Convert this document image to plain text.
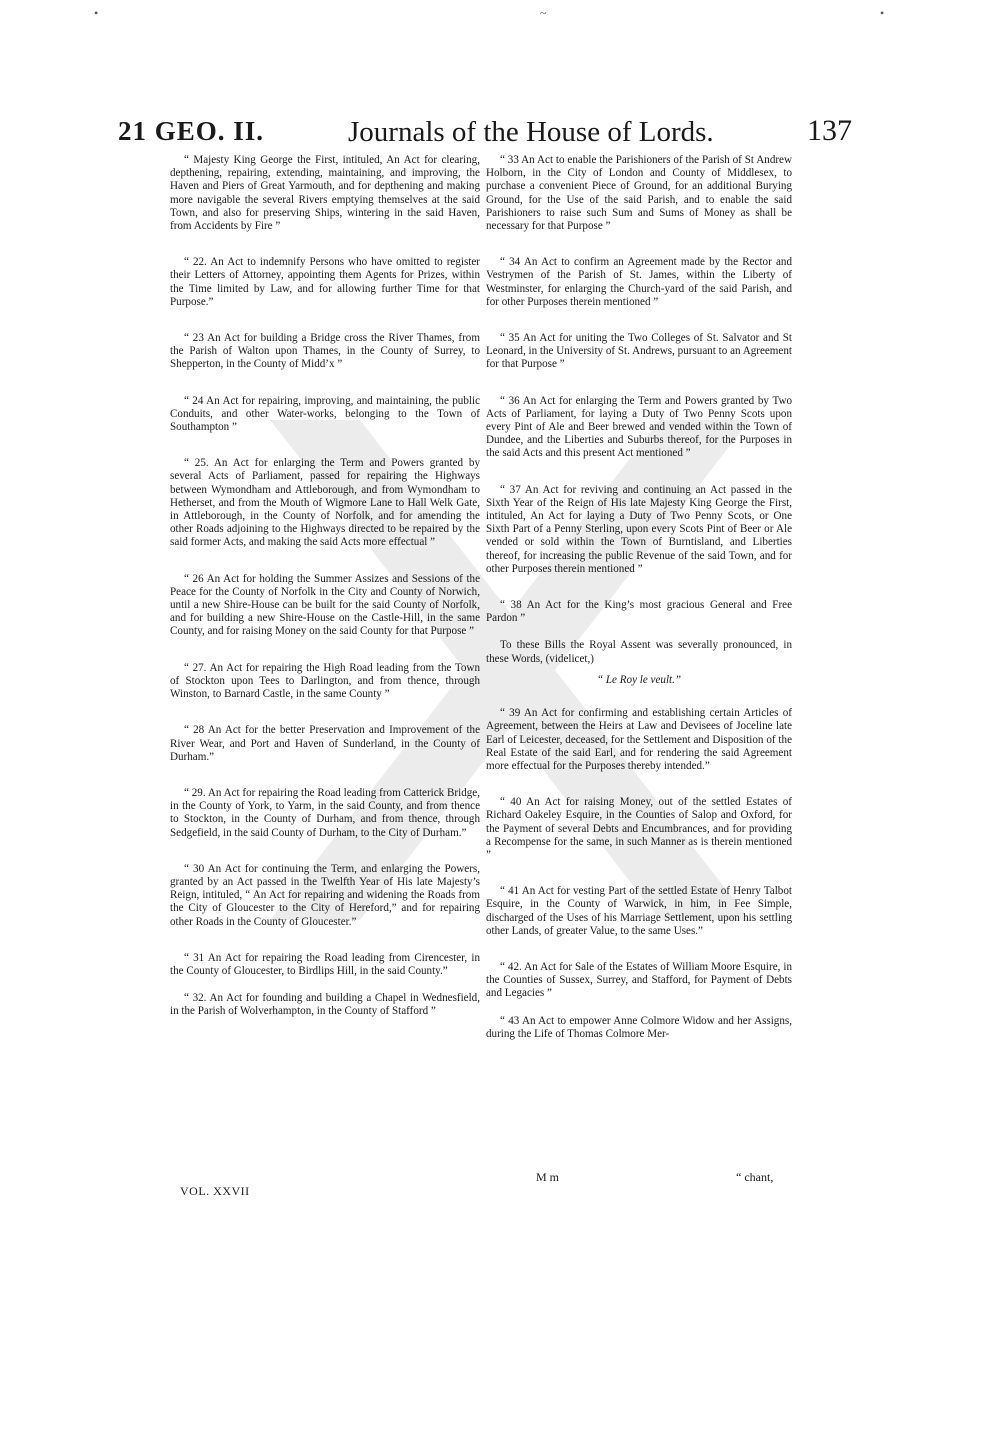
•	~	•
21 GEO. II.	Journals of the House of Lords.	137

“ Majesty King George the First, intituled, An Act for clearing, depthening, repairing, extending, maintaining, and improving, the Haven and Piers of Great Yarmouth, and for depthening and making more navigable the several Rivers emptying themselves at the said Town, and also for preserving Ships, wintering in the said Haven, from Accidents by Fire ”

“ 22. An Act to indemnify Persons who have omitted to register their Letters of Attorney, appointing them Agents for Prizes, within the Time limited by Law, and for allowing further Time for that Purpose.”

“ 23 An Act for building a Bridge cross the River Thames, from the Parish of Walton upon Thames, in the County of Surrey, to Shepperton, in the County of Midd’x ”

“ 24 An Act for repairing, improving, and maintaining, the public Conduits, and other Water-works, belonging to the Town of Southampton ”

“ 25. An Act for enlarging the Term and Powers granted by several Acts of Parliament, passed for repairing the Highways between Wymondham and Attleborough, and from Wymondham to Hetherset, and from the Mouth of Wigmore Lane to Hall Welk Gate, in Attleborough, in the County of Norfolk, and for amending the other Roads adjoining to the Highways directed to be repaired by the said former Acts, and making the said Acts more effectual ”

“ 26 An Act for holding the Summer Assizes and Sessions of the Peace for the County of Norfolk in the City and County of Norwich, until a new Shire-House can be built for the said County of Norfolk, and for building a new Shire-House on the Castle-Hill, in the same County, and for raising Money on the said County for that Purpose ”

“ 27. An Act for repairing the High Road leading from the Town of Stockton upon Tees to Darlington, and from thence, through Winston, to Barnard Castle, in the same County ”

“ 28 An Act for the better Preservation and Improvement of the River Wear, and Port and Haven of Sunderland, in the County of Durham.”

“ 29. An Act for repairing the Road leading from Catterick Bridge, in the County of York, to Yarm, in the said County, and from thence to Stockton, in the County of Durham, and from thence, through Sedgefield, in the said County of Durham, to the City of Durham.”

“ 30 An Act for continuing the Term, and enlarging the Powers, granted by an Act passed in the Twelfth Year of His late Majesty’s Reign, intituled, “ An Act for repairing and widening the Roads from the City of Gloucester to the City of Hereford,” and for repairing other Roads in the County of Gloucester.”

“ 31 An Act for repairing the Road leading from Cirencester, in the County of Gloucester, to Birdlips Hill, in the said County.”

“ 32. An Act for founding and building a Chapel in Wednesfield, in the Parish of Wolverhampton, in the County of Stafford ”

“ 33 An Act to enable the Parishioners of the Parish of St Andrew Holborn, in the City of London and County of Middlesex, to purchase a convenient Piece of Ground, for an additional Burying Ground, for the Use of the said Parish, and to enable the said Parishioners to raise such Sum and Sums of Money as shall be necessary for that Purpose ”

“ 34 An Act to confirm an Agreement made by the Rector and Vestrymen of the Parish of St. James, within the Liberty of Westminster, for enlarging the Church-yard of the said Parish, and for other Purposes therein mentioned ”

“ 35 An Act for uniting the Two Colleges of St. Salvator and St Leonard, in the University of St. Andrews, pursuant to an Agreement for that Purpose ”

“ 36 An Act for enlarging the Term and Powers granted by Two Acts of Parliament, for laying a Duty of Two Penny Scots upon every Pint of Ale and Beer brewed and vended within the Town of Dundee, and the Liberties and Suburbs thereof, for the Purposes in the said Acts and this present Act mentioned ”

“ 37 An Act for reviving and continuing an Act passed in the Sixth Year of the Reign of His late Majesty King George the First, intituled, An Act for laying a Duty of Two Penny Scots, or One Sixth Part of a Penny Sterling, upon every Scots Pint of Beer or Ale vended or sold within the Town of Burntisland, and Liberties thereof, for increasing the public Revenue of the said Town, and for other Purposes therein mentioned ”

“ 38 An Act for the King’s most gracious General and Free Pardon ”

To these Bills the Royal Assent was severally pronounced, in these Words, (videlicet,)

“ Le Roy le veult.”

“ 39 An Act for confirming and establishing certain Articles of Agreement, between the Heirs at Law and Devisees of Joceline late Earl of Leicester, deceased, for the Settlement and Disposition of the Real Estate of the said Earl, and for rendering the said Agreement more effectual for the Purposes thereby intended.”

“ 40 An Act for raising Money, out of the settled Estates of Richard Oakeley Esquire, in the Counties of Salop and Oxford, for the Payment of several Debts and Encumbrances, and for providing a Recompense for the same, in such Manner as is therein mentioned ”

“ 41 An Act for vesting Part of the settled Estate of Henry Talbot Esquire, in the County of Warwick, in him, in Fee Simple, discharged of the Uses of his Marriage Settlement, upon his settling other Lands, of greater Value, to the same Uses.”

“ 42. An Act for Sale of the Estates of William Moore Esquire, in the Counties of Sussex, Surrey, and Stafford, for Payment of Debts and Legacies ”

“ 43 An Act to empower Anne Colmore Widow and her Assigns, during the Life of Thomas Colmore Mer-

VOL. XXVII
M m	“ chant,
